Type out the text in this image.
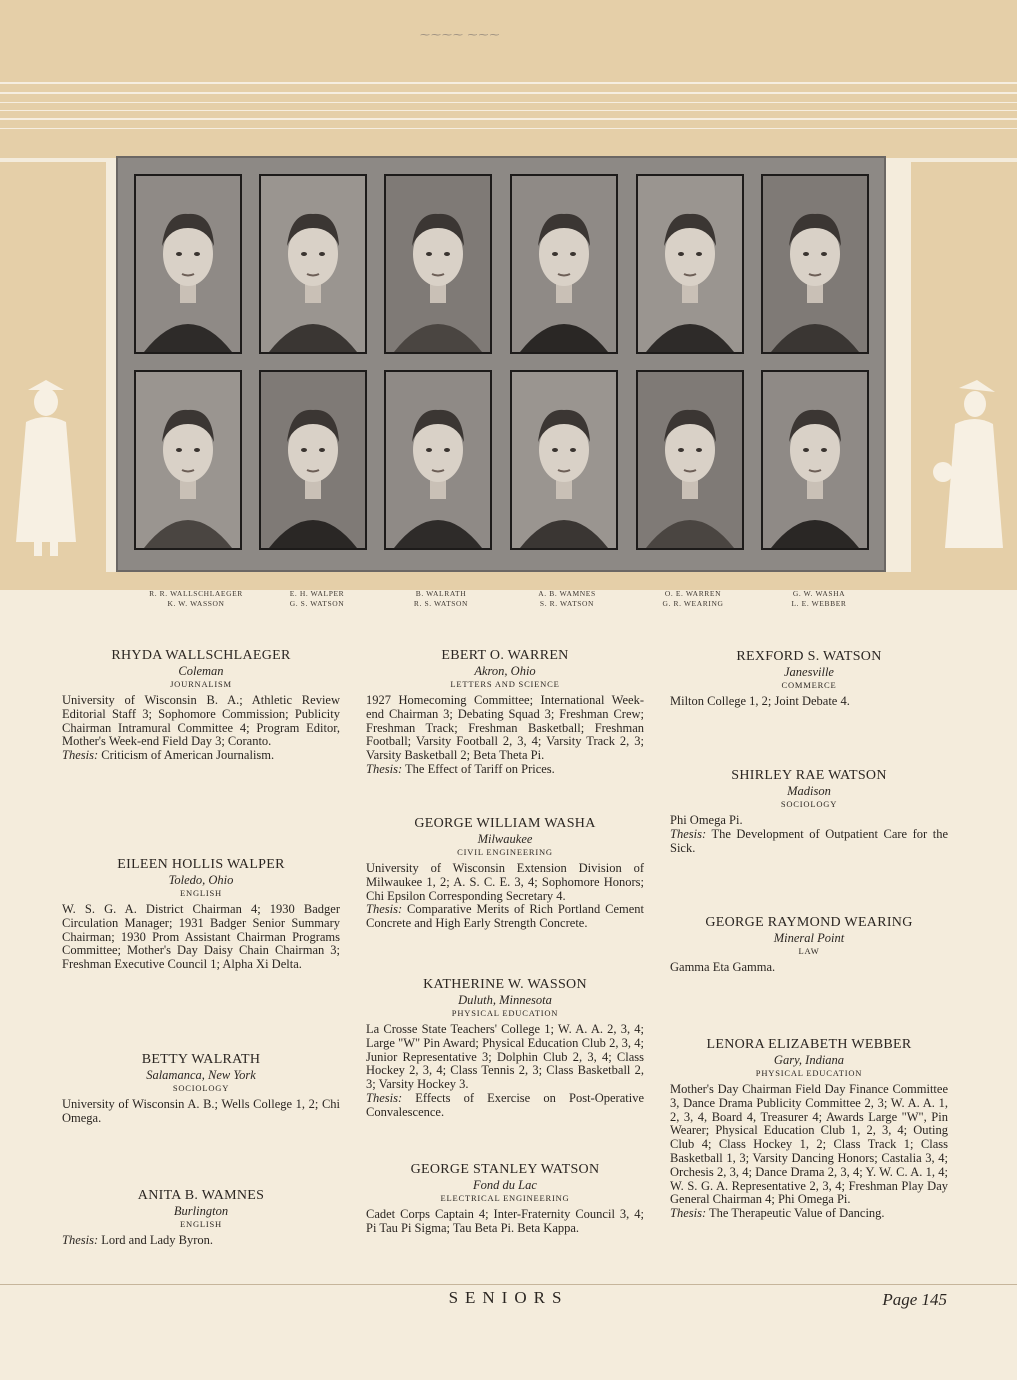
⁓⁓⁓⁓ ⁓⁓⁓
R. R. WALLSCHLAEGER
K. W. WASSON
E. H. WALPER
G. S. WATSON
B. WALRATH
R. S. WATSON
A. B. WAMNES
S. R. WATSON
O. E. WARREN
G. R. WEARING
G. W. WASHA
L. E. WEBBER
RHYDA WALLSCHLAEGER
Coleman
JOURNALISM
University of Wisconsin B. A.; Athletic Review Editorial Staff 3; Sophomore Commission; Publicity Chairman Intramural Committee 4; Program Editor, Mother's Week-end Field Day 3; Coranto.
Thesis: Criticism of American Journalism.
EILEEN HOLLIS WALPER
Toledo, Ohio
ENGLISH
W. S. G. A. District Chairman 4; 1930 Badger Circulation Manager; 1931 Badger Senior Summary Chairman; 1930 Prom Assistant Chairman Programs Committee; Mother's Day Daisy Chain Chairman 3; Freshman Executive Council 1; Alpha Xi Delta.
BETTY WALRATH
Salamanca, New York
SOCIOLOGY
University of Wisconsin A. B.; Wells College 1, 2; Chi Omega.
ANITA B. WAMNES
Burlington
ENGLISH
Thesis: Lord and Lady Byron.
EBERT O. WARREN
Akron, Ohio
LETTERS AND SCIENCE
1927 Homecoming Committee; International Week-end Chairman 3; Debating Squad 3; Freshman Crew; Freshman Track; Freshman Basketball; Freshman Football; Varsity Football 2, 3, 4; Varsity Track 2, 3; Varsity Basketball 2; Beta Theta Pi.
Thesis: The Effect of Tariff on Prices.
GEORGE WILLIAM WASHA
Milwaukee
CIVIL ENGINEERING
University of Wisconsin Extension Division of Milwaukee 1, 2; A. S. C. E. 3, 4; Sophomore Honors; Chi Epsilon Corresponding Secretary 4.
Thesis: Comparative Merits of Rich Portland Cement Concrete and High Early Strength Concrete.
KATHERINE W. WASSON
Duluth, Minnesota
PHYSICAL EDUCATION
La Crosse State Teachers' College 1; W. A. A. 2, 3, 4; Large "W" Pin Award; Physical Education Club 2, 3, 4; Junior Representative 3; Dolphin Club 2, 3, 4; Class Hockey 2, 3, 4; Class Tennis 2, 3; Class Basketball 2, 3; Varsity Hockey 3.
Thesis: Effects of Exercise on Post-Operative Convalescence.
GEORGE STANLEY WATSON
Fond du Lac
ELECTRICAL ENGINEERING
Cadet Corps Captain 4; Inter-Fraternity Council 3, 4; Pi Tau Pi Sigma; Tau Beta Pi. Beta Kappa.
REXFORD S. WATSON
Janesville
COMMERCE
Milton College 1, 2; Joint Debate 4.
SHIRLEY RAE WATSON
Madison
SOCIOLOGY
Phi Omega Pi.
Thesis: The Development of Outpatient Care for the Sick.
GEORGE RAYMOND WEARING
Mineral Point
LAW
Gamma Eta Gamma.
LENORA ELIZABETH WEBBER
Gary, Indiana
PHYSICAL EDUCATION
Mother's Day Chairman Field Day Finance Committee 3, Dance Drama Publicity Committee 2, 3; W. A. A. 1, 2, 3, 4, Board 4, Treasurer 4; Awards Large "W", Pin Wearer; Physical Education Club 1, 2, 3, 4; Outing Club 4; Class Hockey 1, 2; Class Track 1; Class Basketball 1, 3; Varsity Dancing Honors; Castalia 3, 4; Orchesis 2, 3, 4; Dance Drama 2, 3, 4; Y. W. C. A. 1, 4; W. S. G. A. Representative 2, 3, 4; Freshman Play Day General Chairman 4; Phi Omega Pi.
Thesis: The Therapeutic Value of Dancing.
SENIORS	Page 145
